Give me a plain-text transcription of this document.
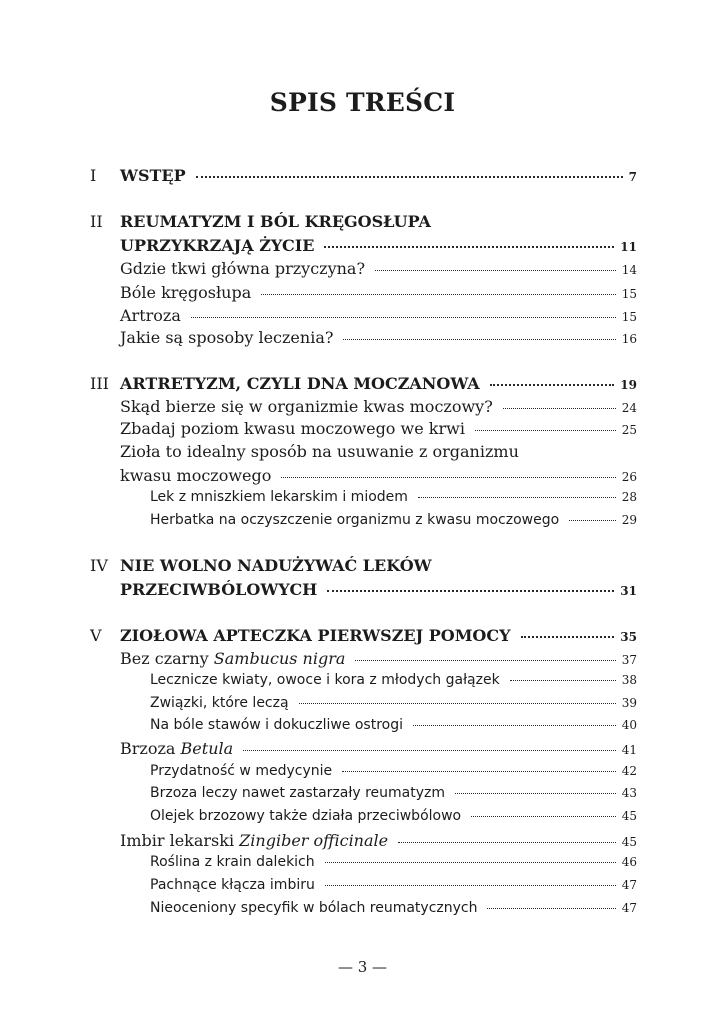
SPIS TREŚCI
I WSTĘP	7
II REUMATYZM I BÓL KRĘGOSŁUPA
UPRZYKRZAJĄ ŻYCIE	11
Gdzie tkwi główna przyczyna?	14
Bóle kręgosłupa	15
Artroza	15
Jakie są sposoby leczenia?	16
III ARTRETYZM, CZYLI DNA MOCZANOWA	19
Skąd bierze się w organizmie kwas moczowy?	24
Zbadaj poziom kwasu moczowego we krwi	25
Zioła to idealny sposób na usuwanie z organizmu
kwasu moczowego	26
Lek z mniszkiem lekarskim i miodem	28
Herbatka na oczyszczenie organizmu z kwasu moczowego	29
IV NIE WOLNO NADUŻYWAĆ LEKÓW
PRZECIWBÓLOWYCH	31
V ZIOŁOWA APTECZKA PIERWSZEJ POMOCY	35
Bez czarny Sambucus nigra	37
Lecznicze kwiaty, owoce i kora z młodych gałązek	38
Związki, które leczą	39
Na bóle stawów i dokuczliwe ostrogi	40
Brzoza Betula	41
Przydatność w medycynie	42
Brzoza leczy nawet zastarzały reumatyzm	43
Olejek brzozowy także działa przeciwbólowo	45
Imbir lekarski Zingiber officinale	45
Roślina z krain dalekich	46
Pachnące kłącza imbiru	47
Nieoceniony specyfik w bólach reumatycznych	47
— 3 —
